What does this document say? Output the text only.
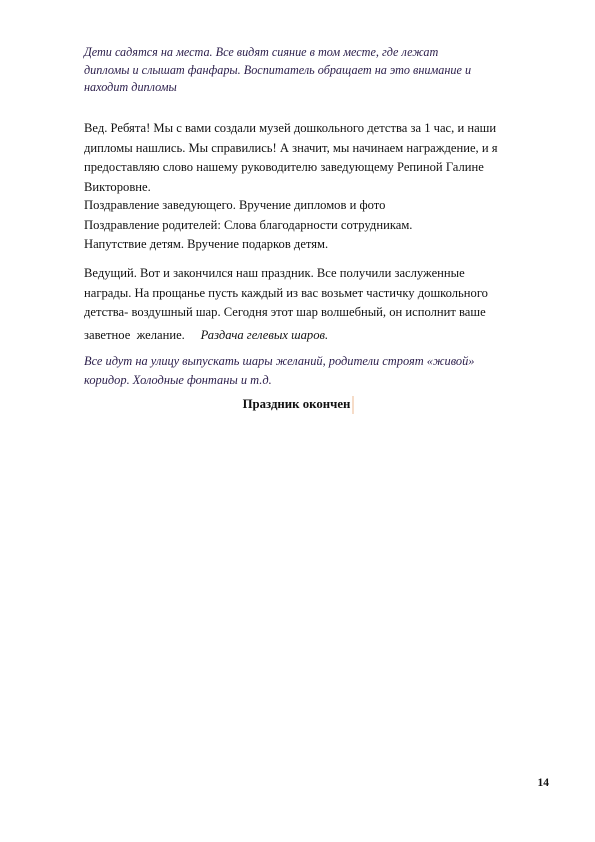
Дети садятся на места. Все видят сияние в том месте, где лежат
дипломы и слышат фанфары. Воспитатель обращает на это внимание и
находит дипломы
Вед. Ребята! Мы с вами создали музей дошкольного детства за 1 час, и наши
дипломы нашлись. Мы справились! А значит, мы начинаем награждение, и я
предоставляю слово нашему руководителю заведующему Репиной Галине
Викторовне.
Поздравление заведующего. Вручение дипломов и фото
Поздравление родителей: Слова благодарности сотрудникам.
Напутствие детям. Вручение подарков детям.
Ведущий. Вот и закончился наш праздник. Все получили заслуженные
награды. На прощанье пусть каждый из вас возьмет частичку дошкольного
детства- воздушный шар. Сегодня этот шар волшебный, он исполнит ваше
заветное  желание.     Раздача гелевых шаров.
Все идут на улицу выпускать шары желаний, родители строят «живой»
коридор. Холодные фонтаны и т.д.
Праздник окончен
14
